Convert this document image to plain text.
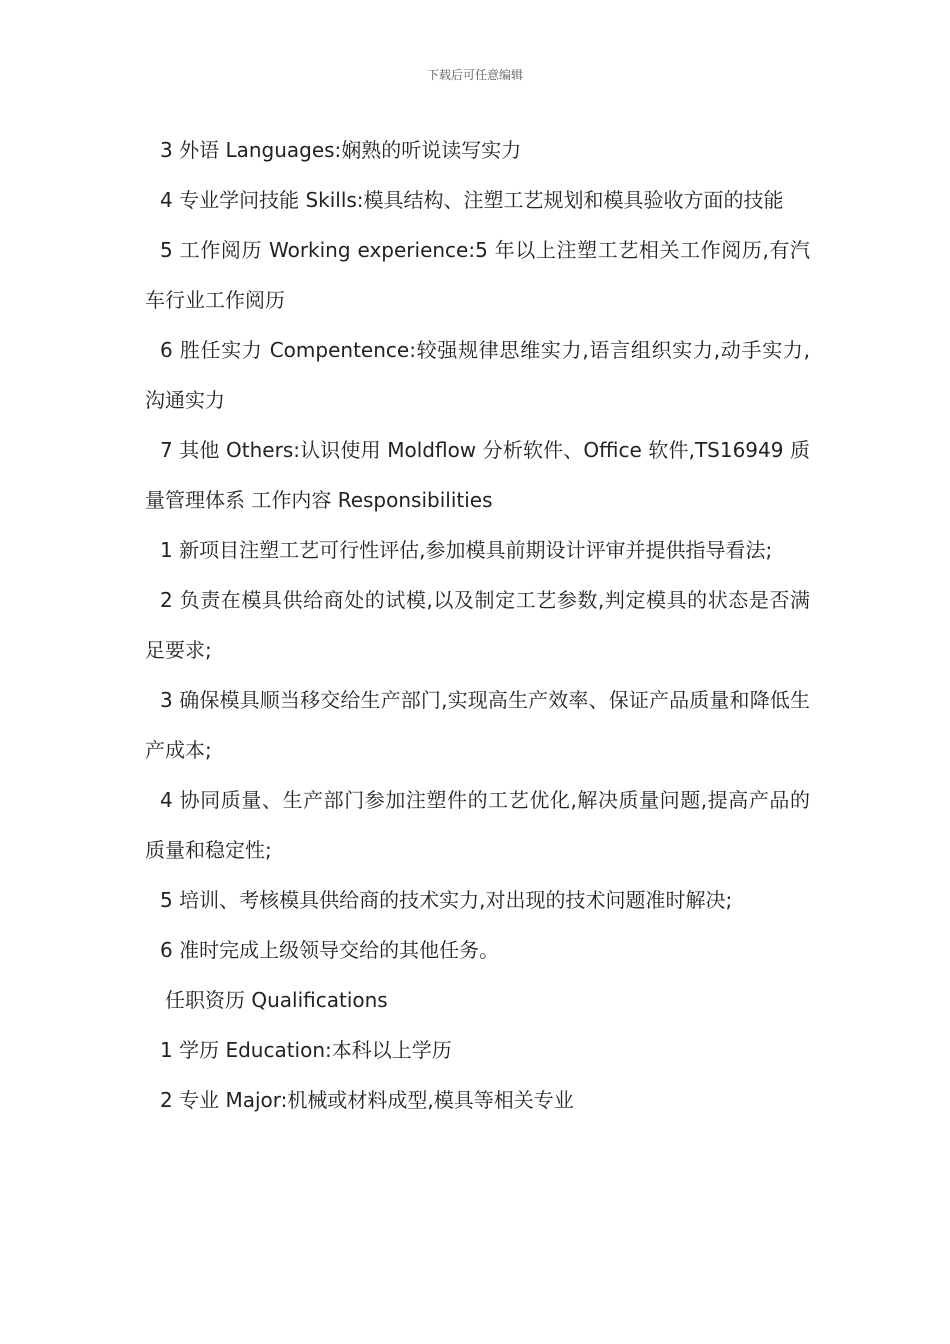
下载后可任意编辑

3 外语 Languages:娴熟的听说读写实力

4 专业学问技能 Skills:模具结构、注塑工艺规划和模具验收方面的技能

5 工作阅历 Working experience:5 年以上注塑工艺相关工作阅历,有汽车行业工作阅历

6 胜任实力 Compentence:较强规律思维实力,语言组织实力,动手实力,沟通实力

7 其他 Others:认识使用 Moldflow 分析软件、Office 软件,TS16949 质量管理体系 工作内容 Responsibilities

1 新项目注塑工艺可行性评估,参加模具前期设计评审并提供指导看法;

2 负责在模具供给商处的试模,以及制定工艺参数,判定模具的状态是否满足要求;

3 确保模具顺当移交给生产部门,实现高生产效率、保证产品质量和降低生产成本;

4 协同质量、生产部门参加注塑件的工艺优化,解决质量问题,提高产品的质量和稳定性;

5 培训、考核模具供给商的技术实力,对出现的技术问题准时解决;

6 准时完成上级领导交给的其他任务。

任职资历 Qualifications

1 学历 Education:本科以上学历

2 专业 Major:机械或材料成型,模具等相关专业
